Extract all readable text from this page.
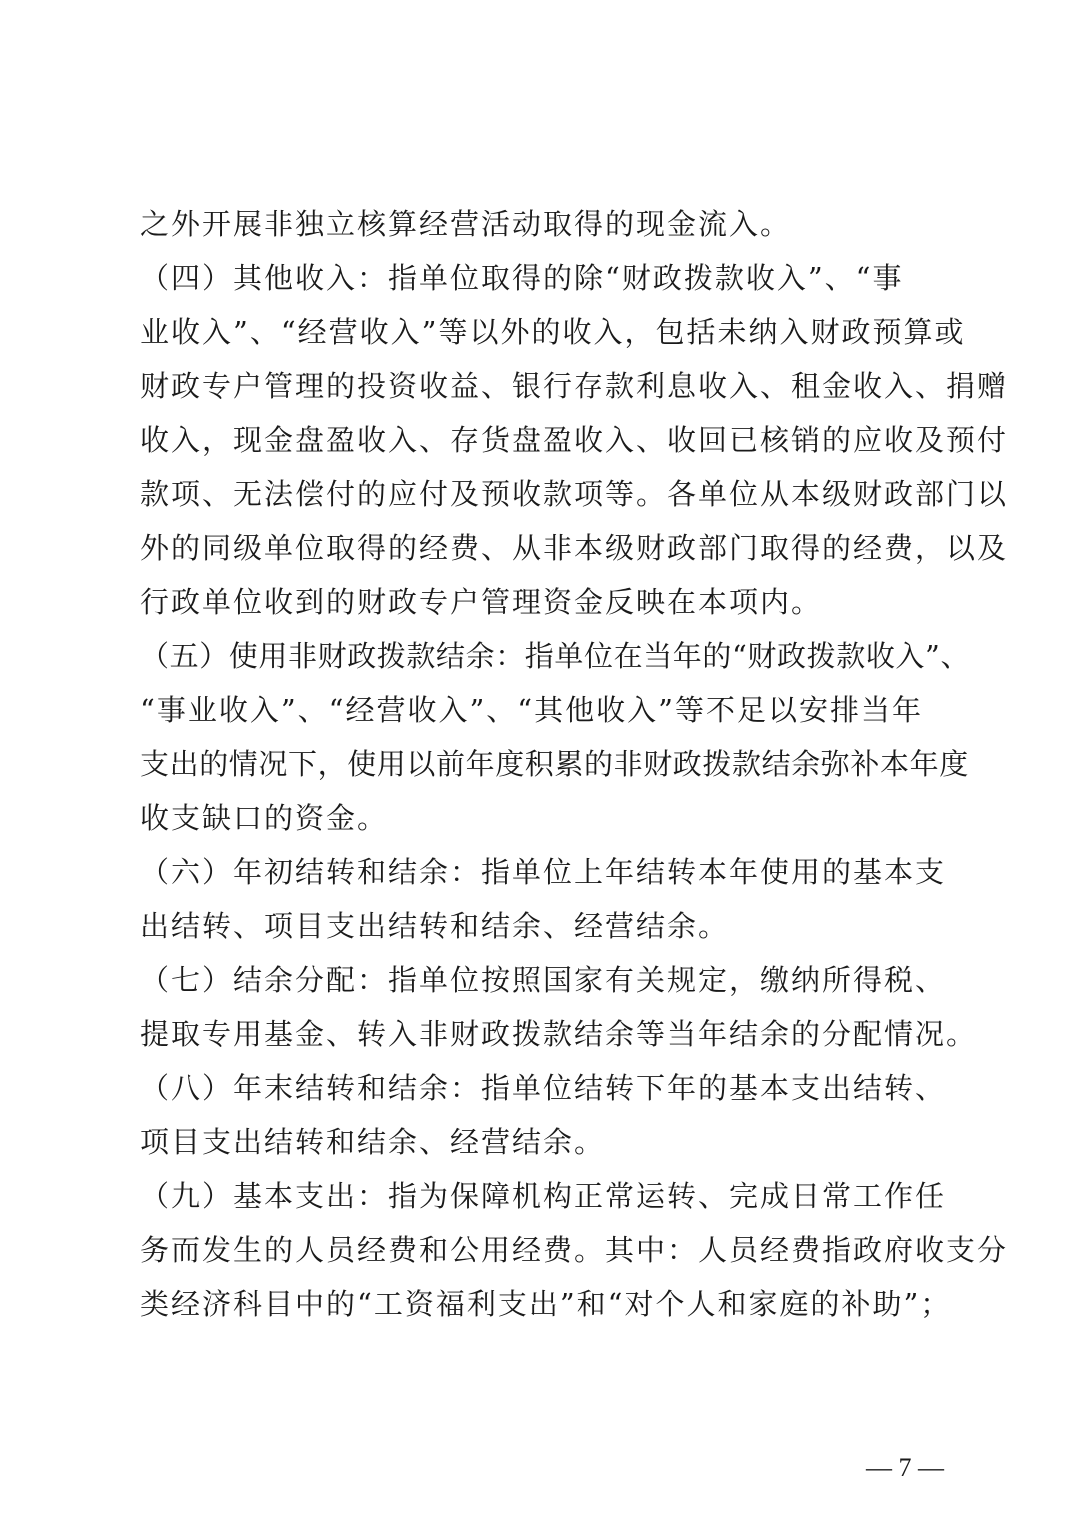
之外开展非独立核算经营活动取得的现金流入。
（四）其他收入：指单位取得的除“财政拨款收入”、“事
业收入”、“经营收入”等以外的收入，包括未纳入财政预算或
财政专户管理的投资收益、银行存款利息收入、租金收入、捐赠
收入，现金盘盈收入、存货盘盈收入、收回已核销的应收及预付
款项、无法偿付的应付及预收款项等。各单位从本级财政部门以
外的同级单位取得的经费、从非本级财政部门取得的经费，以及
行政单位收到的财政专户管理资金反映在本项内。
（五）使用非财政拨款结余：指单位在当年的“财政拨款收入”、
“事业收入”、“经营收入”、“其他收入”等不足以安排当年
支出的情况下，使用以前年度积累的非财政拨款结余弥补本年度
收支缺口的资金。
（六）年初结转和结余：指单位上年结转本年使用的基本支
出结转、项目支出结转和结余、经营结余。
（七）结余分配：指单位按照国家有关规定，缴纳所得税、
提取专用基金、转入非财政拨款结余等当年结余的分配情况。
（八）年末结转和结余：指单位结转下年的基本支出结转、
项目支出结转和结余、经营结余。
（九）基本支出：指为保障机构正常运转、完成日常工作任
务而发生的人员经费和公用经费。其中：人员经费指政府收支分
类经济科目中的“工资福利支出”和“对个人和家庭的补助”；
— 7 —
